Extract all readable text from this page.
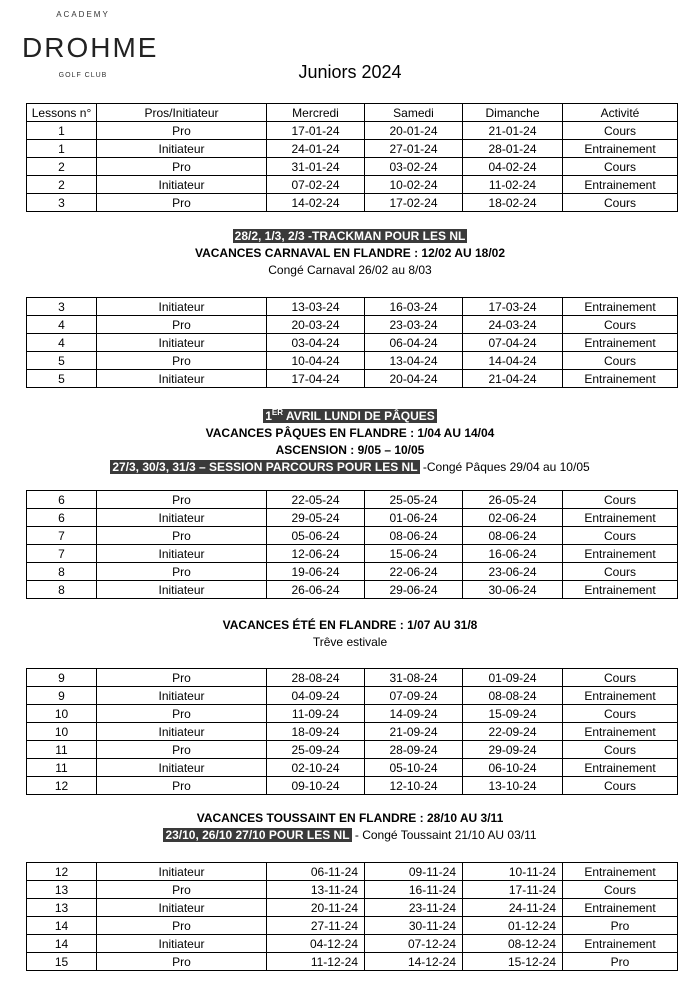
ACADEMY
DROHME
GOLF CLUB	Juniors 2024
Lessons n°	Pros/Initiateur	Mercredi	Samedi	Dimanche	Activité
1	Pro	17-01-24	20-01-24	21-01-24	Cours
1	Initiateur	24-01-24	27-01-24	28-01-24	Entrainement
2	Pro	31-01-24	03-02-24	04-02-24	Cours
2	Initiateur	07-02-24	10-02-24	11-02-24	Entrainement
3	Pro	14-02-24	17-02-24	18-02-24	Cours
28/2, 1/3, 2/3 -TRACKMAN POUR LES NL
VACANCES CARNAVAL EN FLANDRE : 12/02 AU 18/02
Congé Carnaval 26/02 au 8/03
3	Initiateur	13-03-24	16-03-24	17-03-24	Entrainement
4	Pro	20-03-24	23-03-24	24-03-24	Cours
4	Initiateur	03-04-24	06-04-24	07-04-24	Entrainement
5	Pro	10-04-24	13-04-24	14-04-24	Cours
5	Initiateur	17-04-24	20-04-24	21-04-24	Entrainement
1ER AVRIL LUNDI DE PÂQUES
VACANCES PÂQUES EN FLANDRE : 1/04 AU 14/04
ASCENSION : 9/05 – 10/05
27/3, 30/3, 31/3 – SESSION PARCOURS POUR LES NL -Congé Pâques 29/04 au 10/05
6	Pro	22-05-24	25-05-24	26-05-24	Cours
6	Initiateur	29-05-24	01-06-24	02-06-24	Entrainement
7	Pro	05-06-24	08-06-24	08-06-24	Cours
7	Initiateur	12-06-24	15-06-24	16-06-24	Entrainement
8	Pro	19-06-24	22-06-24	23-06-24	Cours
8	Initiateur	26-06-24	29-06-24	30-06-24	Entrainement
VACANCES ÉTÉ EN FLANDRE : 1/07 AU 31/8
Trêve estivale
9	Pro	28-08-24	31-08-24	01-09-24	Cours
9	Initiateur	04-09-24	07-09-24	08-08-24	Entrainement
10	Pro	11-09-24	14-09-24	15-09-24	Cours
10	Initiateur	18-09-24	21-09-24	22-09-24	Entrainement
11	Pro	25-09-24	28-09-24	29-09-24	Cours
11	Initiateur	02-10-24	05-10-24	06-10-24	Entrainement
12	Pro	09-10-24	12-10-24	13-10-24	Cours
VACANCES TOUSSAINT EN FLANDRE : 28/10 AU 3/11
23/10, 26/10 27/10 POUR LES NL - Congé Toussaint 21/10 AU 03/11
12	Initiateur	06-11-24	09-11-24	10-11-24	Entrainement
13	Pro	13-11-24	16-11-24	17-11-24	Cours
13	Initiateur	20-11-24	23-11-24	24-11-24	Entrainement
14	Pro	27-11-24	30-11-24	01-12-24	Pro
14	Initiateur	04-12-24	07-12-24	08-12-24	Entrainement
15	Pro	11-12-24	14-12-24	15-12-24	Pro
